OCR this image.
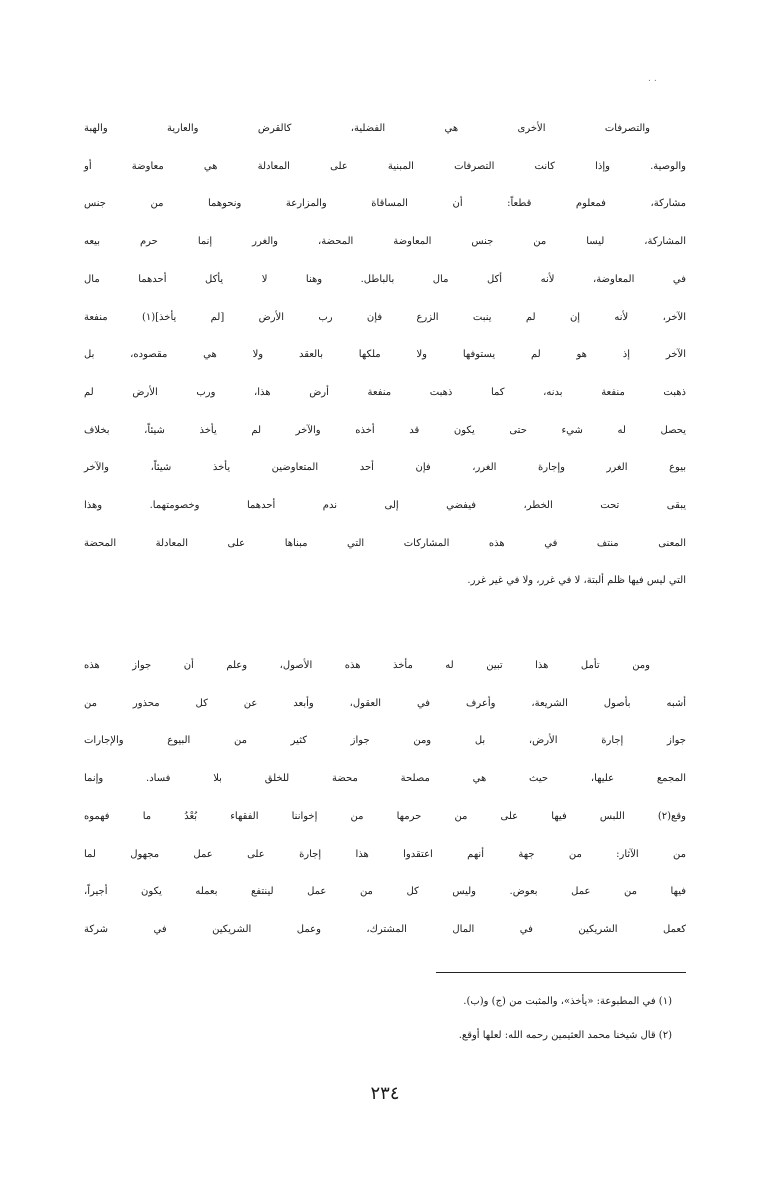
..
والتصرفات الأخرى هي الفضلية، كالقرض والعارية والهبة
والوصية. وإذا كانت التصرفات المبنية على المعادلة هي معاوضة أو
مشاركة، فمعلوم قطعاً: أن المساقاة والمزارعة ونحوهما من جنس
المشاركة، ليسا من جنس المعاوضة المحضة، والغرر إنما حرم بيعه
في المعاوضة، لأنه أكل مال بالباطل. وهنا لا يأكل أحدهما مال
الآخر، لأنه إن لم ينبت الزرع فإن رب الأرض [لم يأخذ](١) منفعة
الآخر إذ هو لم يستوفها ولا ملكها بالعقد ولا هي مقصوده، بل
ذهبت منفعة بدنه، كما ذهبت منفعة أرض هذا، ورب الأرض لم
يحصل له شيء حتى يكون قد أخذه والآخر لم يأخذ شيئاً، بخلاف
بيوع الغرر وإجارة الغرر، فإن أحد المتعاوضين يأخذ شيئاً، والآخر
يبقى تحت الخطر، فيفضي إلى ندم أحدهما وخصومتهما. وهذا
المعنى منتف في هذه المشاركات التي مبناها على المعادلة المحضة
التي ليس فيها ظلم ألبتة، لا في غرر، ولا في غير غرر.
ومن تأمل هذا تبين له مأخذ هذه الأصول، وعلم أن جواز هذه
أشبه بأصول الشريعة، وأعرف في العقول، وأبعد عن كل محذور من
جواز إجارة الأرض، بل ومن جواز كثير من البيوع والإجارات
المجمع عليها، حيث هي مصلحة محضة للخلق بلا فساد. وإنما
وقع(٢) اللبس فيها على من حرمها من إخواننا الفقهاء بُعْدُ ما فهموه
من الآثار: من جهة أنهم اعتقدوا هذا إجارة على عمل مجهول لما
فيها من عمل بعوض. وليس كل من عمل لينتفع بعمله يكون أجيراً،
كعمل الشريكين في المال المشترك، وعمل الشريكين في شركة
(١) في المطبوعة: «يأخذ»، والمثبت من (ج) و(ب).
(٢) قال شيخنا محمد العثيمين رحمه الله: لعلها أوقع.
٢٣٤
